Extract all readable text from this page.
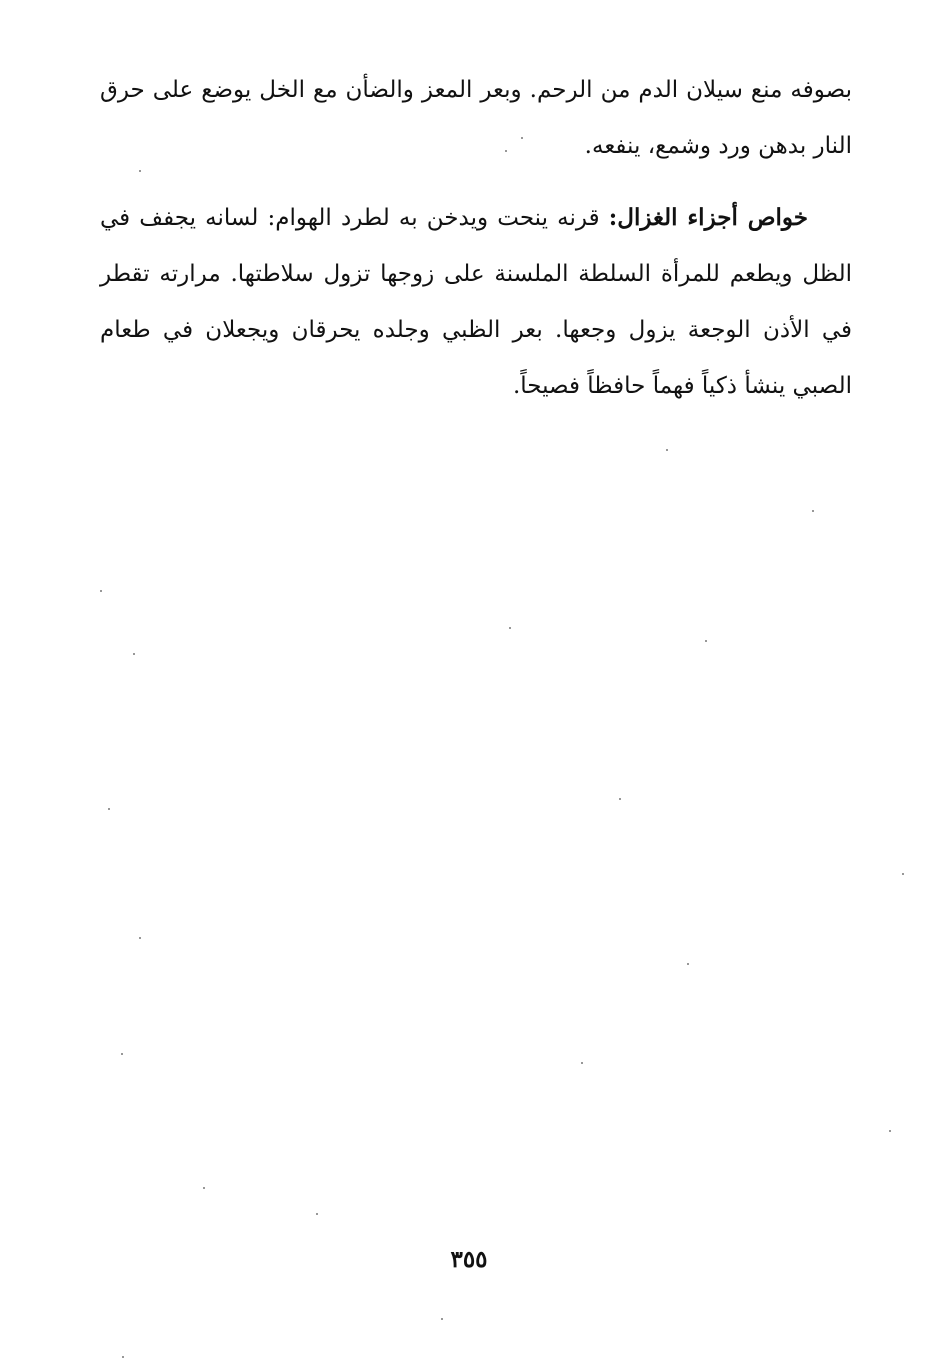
بصوفه منع سيلان الدم من الرحم. وبعر المعز والضأن مع الخل يوضع على حرق النار بدهن ورد وشمع، ينفعه.

خواص أجزاء الغزال: قرنه ينحت ويدخن به لطرد الهوام: لسانه يجفف في الظل ويطعم للمرأة السلطة الملسنة على زوجها تزول سلاطتها. مرارته تقطر في الأذن الوجعة يزول وجعها. بعر الظبي وجلده يحرقان ويجعلان في طعام الصبي ينشأ ذكياً فهماً حافظاً فصيحاً.

٣٥٥
